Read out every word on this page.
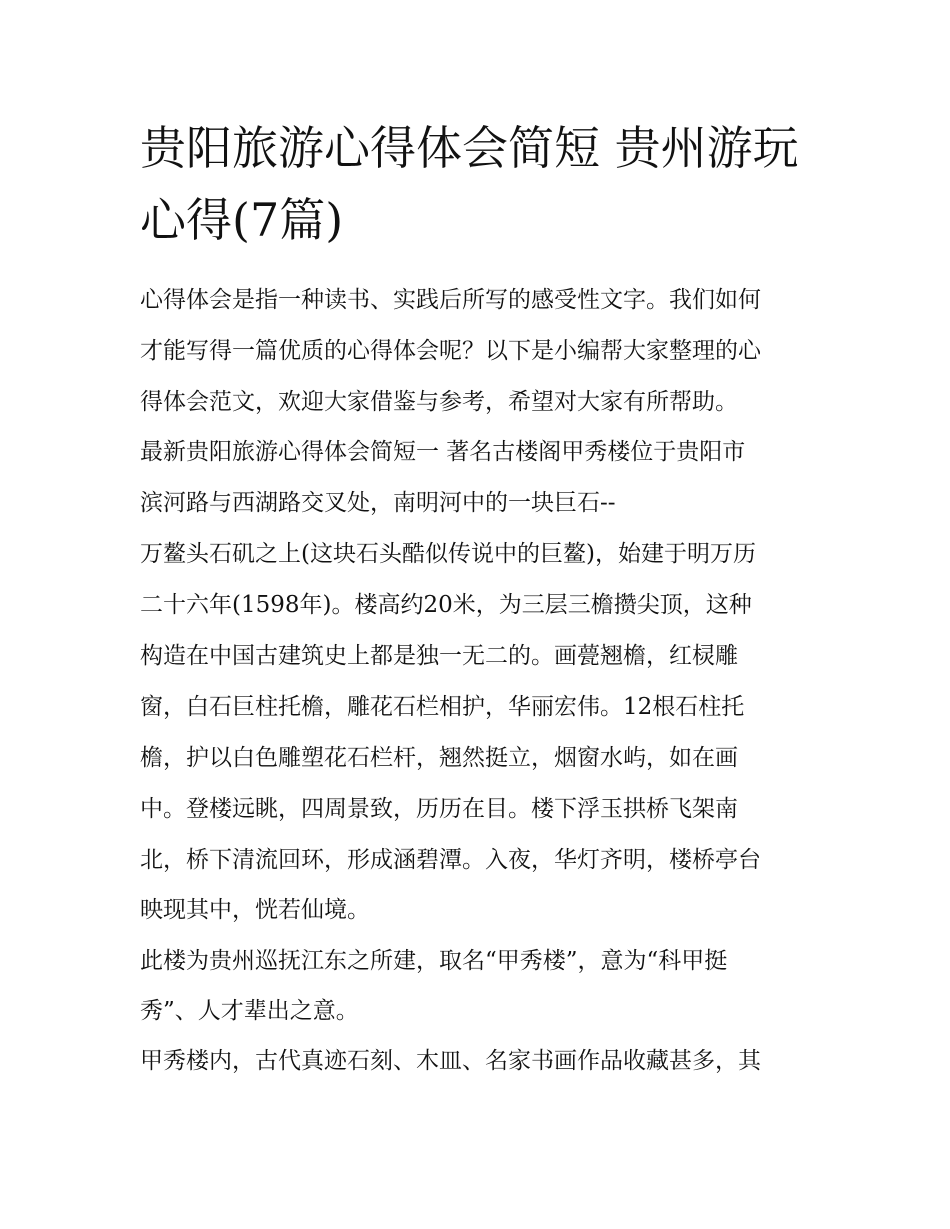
贵阳旅游心得体会简短 贵州游玩心得(7篇)

心得体会是指一种读书、实践后所写的感受性文字。我们如何

才能写得一篇优质的心得体会呢？以下是小编帮大家整理的心

得体会范文，欢迎大家借鉴与参考，希望对大家有所帮助。

最新贵阳旅游心得体会简短一 著名古楼阁甲秀楼位于贵阳市

滨河路与西湖路交叉处，南明河中的一块巨石--

万鳌头石矶之上(这块石头酷似传说中的巨鳌)，始建于明万历

二十六年(1598年)。楼高约20米，为三层三檐攒尖顶，这种

构造在中国古建筑史上都是独一无二的。画甍翘檐，红棂雕

窗，白石巨柱托檐，雕花石栏相护，华丽宏伟。12根石柱托

檐，护以白色雕塑花石栏杆，翘然挺立，烟窗水屿，如在画

中。登楼远眺，四周景致，历历在目。楼下浮玉拱桥飞架南

北，桥下清流回环，形成涵碧潭。入夜，华灯齐明，楼桥亭台

映现其中，恍若仙境。

此楼为贵州巡抚江东之所建，取名“甲秀楼”，意为“科甲挺

秀”、人才辈出之意。

甲秀楼内，古代真迹石刻、木皿、名家书画作品收藏甚多，其
